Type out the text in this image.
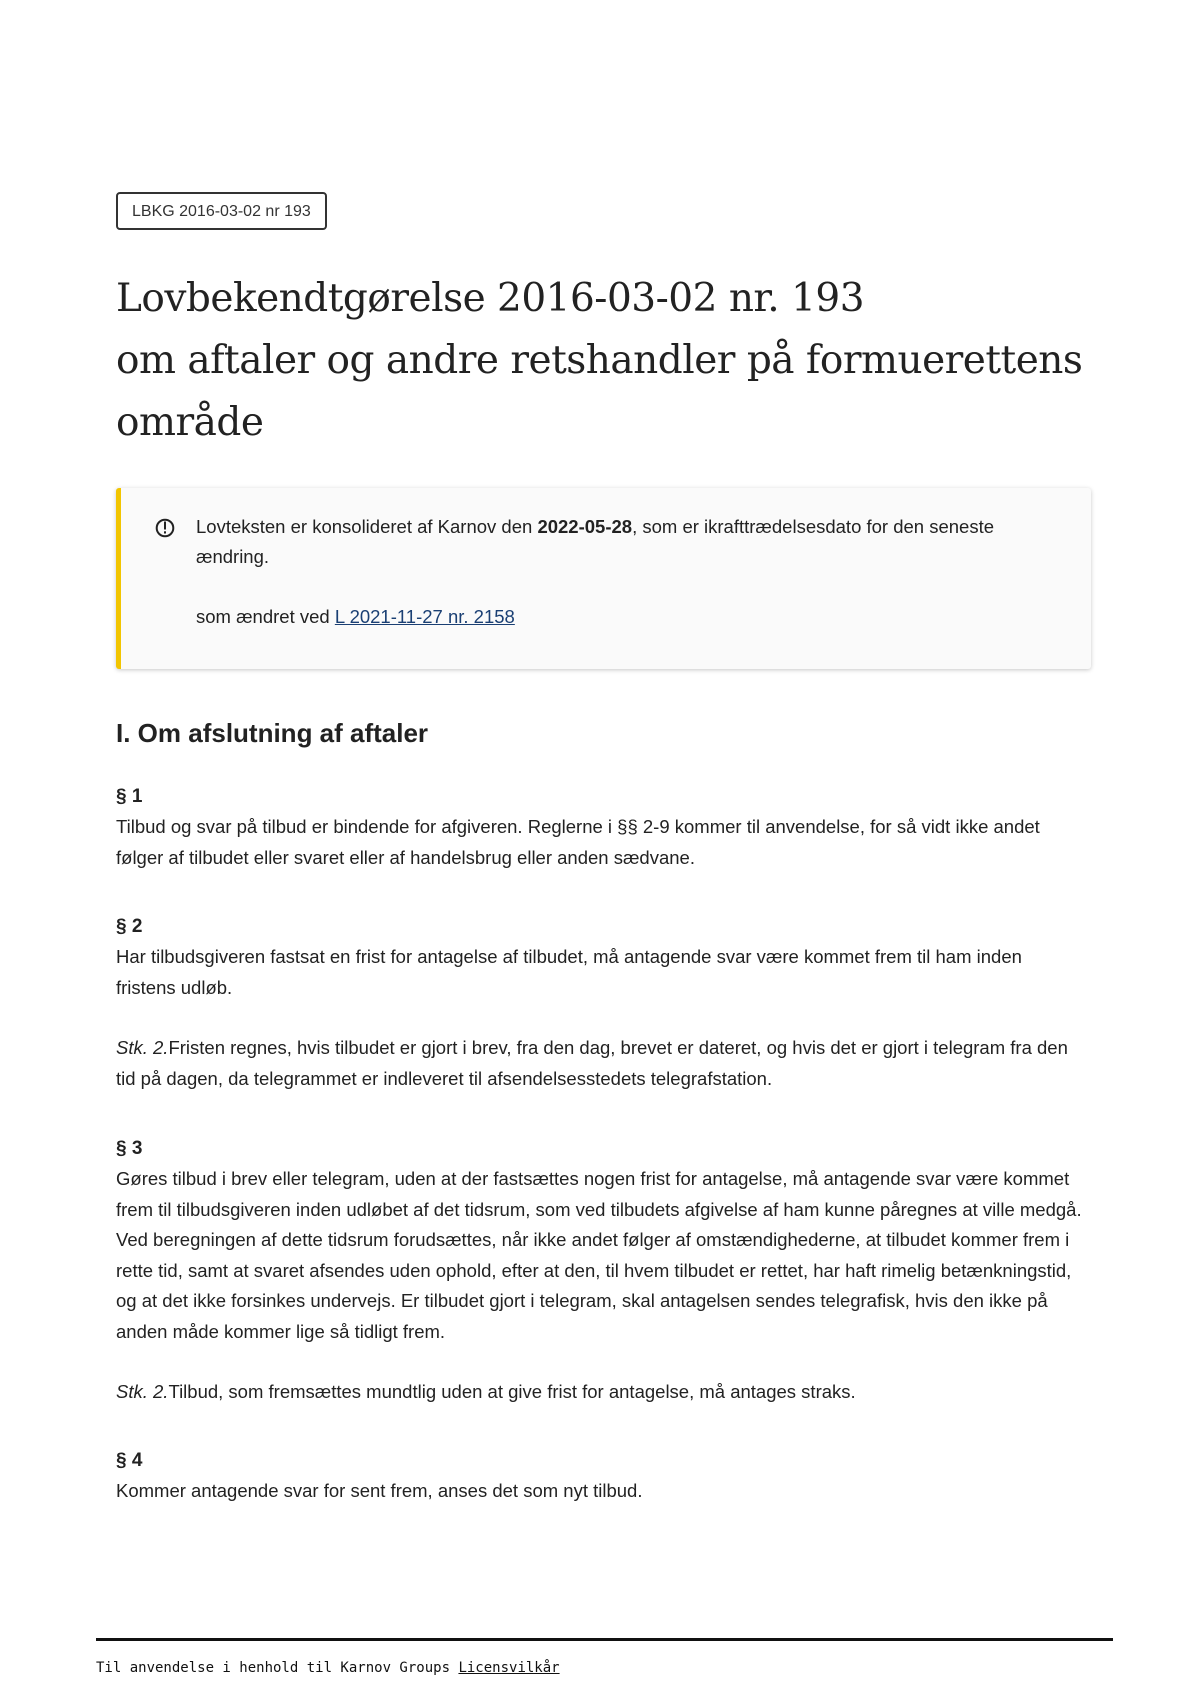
LBKG 2016-03-02 nr 193
Lovbekendtgørelse 2016-03-02 nr. 193
om aftaler og andre retshandler på formuerettens
område

Lovteksten er konsolideret af Karnov den 2022-05-28, som er ikrafttrædelsesdato for den seneste ændring.

som ændret ved L 2021-11-27 nr. 2158

I. Om afslutning af aftaler

§ 1

Tilbud og svar på tilbud er bindende for afgiveren. Reglerne i §§ 2-9 kommer til anvendelse, for så vidt ikke andet følger af tilbudet eller svaret eller af handelsbrug eller anden sædvane.

§ 2

Har tilbudsgiveren fastsat en frist for antagelse af tilbudet, må antagende svar være kommet frem til ham inden fristens udløb.

Stk. 2.Fristen regnes, hvis tilbudet er gjort i brev, fra den dag, brevet er dateret, og hvis det er gjort i telegram fra den tid på dagen, da telegrammet er indleveret til afsendelsesstedets telegrafstation.

§ 3

Gøres tilbud i brev eller telegram, uden at der fastsættes nogen frist for antagelse, må antagende svar være kommet frem til tilbudsgiveren inden udløbet af det tidsrum, som ved tilbudets afgivelse af ham kunne påregnes at ville medgå. Ved beregningen af dette tidsrum forudsættes, når ikke andet følger af omstændighederne, at tilbudet kommer frem i rette tid, samt at svaret afsendes uden ophold, efter at den, til hvem tilbudet er rettet, har haft rimelig betænkningstid, og at det ikke forsinkes undervejs. Er tilbudet gjort i telegram, skal antagelsen sendes telegrafisk, hvis den ikke på anden måde kommer lige så tidligt frem.

Stk. 2.Tilbud, som fremsættes mundtlig uden at give frist for antagelse, må antages straks.

§ 4

Kommer antagende svar for sent frem, anses det som nyt tilbud.

Til anvendelse i henhold til Karnov Groups Licensvilkår
